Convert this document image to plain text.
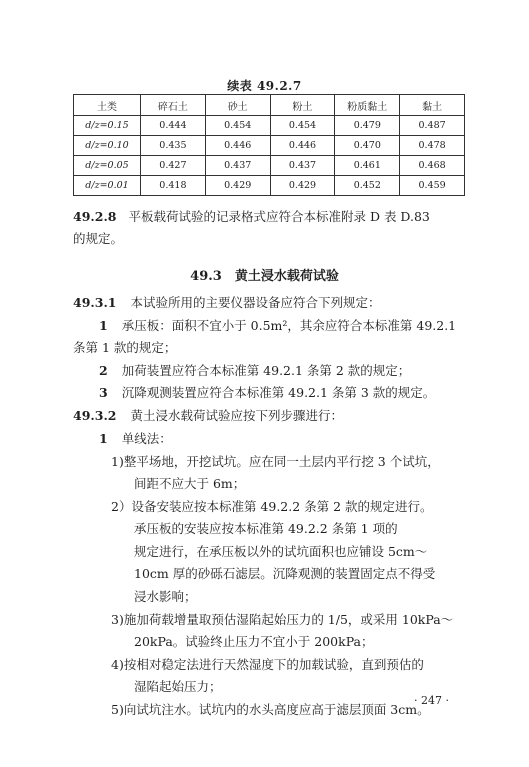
续表 49.2.7
土类	碎石土	砂土	粉土	粉质黏土	黏土
d/z=0.15	0.444	0.454	0.454	0.479	0.487
d/z=0.10	0.435	0.446	0.446	0.470	0.478
d/z=0.05	0.427	0.437	0.437	0.461	0.468
d/z=0.01	0.418	0.429	0.429	0.452	0.459
49.2.8 平板载荷试验的记录格式应符合本标准附录 D 表 D.83
的规定。
49.3　黄土浸水载荷试验
49.3.1 本试验所用的主要仪器设备应符合下列规定：
1 承压板：面积不宜小于 0.5m²，其余应符合本标准第 49.2.1
条第 1 款的规定；
2 加荷装置应符合本标准第 49.2.1 条第 2 款的规定；
3 沉降观测装置应符合本标准第 49.2.1 条第 3 款的规定。
49.3.2 黄土浸水载荷试验应按下列步骤进行：
1 单线法：
1)整平场地，开挖试坑。应在同一土层内平行挖 3 个试坑，
间距不应大于 6m；
2）设备安装应按本标准第 49.2.2 条第 2 款的规定进行。
承压板的安装应按本标准第 49.2.2 条第 1 项的
规定进行，在承压板以外的试坑面积也应铺设 5cm～
10cm 厚的砂砾石滤层。沉降观测的装置固定点不得受
浸水影响；
3)施加荷载增量取预估湿陷起始压力的 1/5，或采用 10kPa～
20kPa。试验终止压力不宜小于 200kPa；
4)按相对稳定法进行天然湿度下的加载试验，直到预估的
湿陷起始压力；
5)向试坑注水。试坑内的水头高度应高于滤层顶面 3cm。
· 247 ·
